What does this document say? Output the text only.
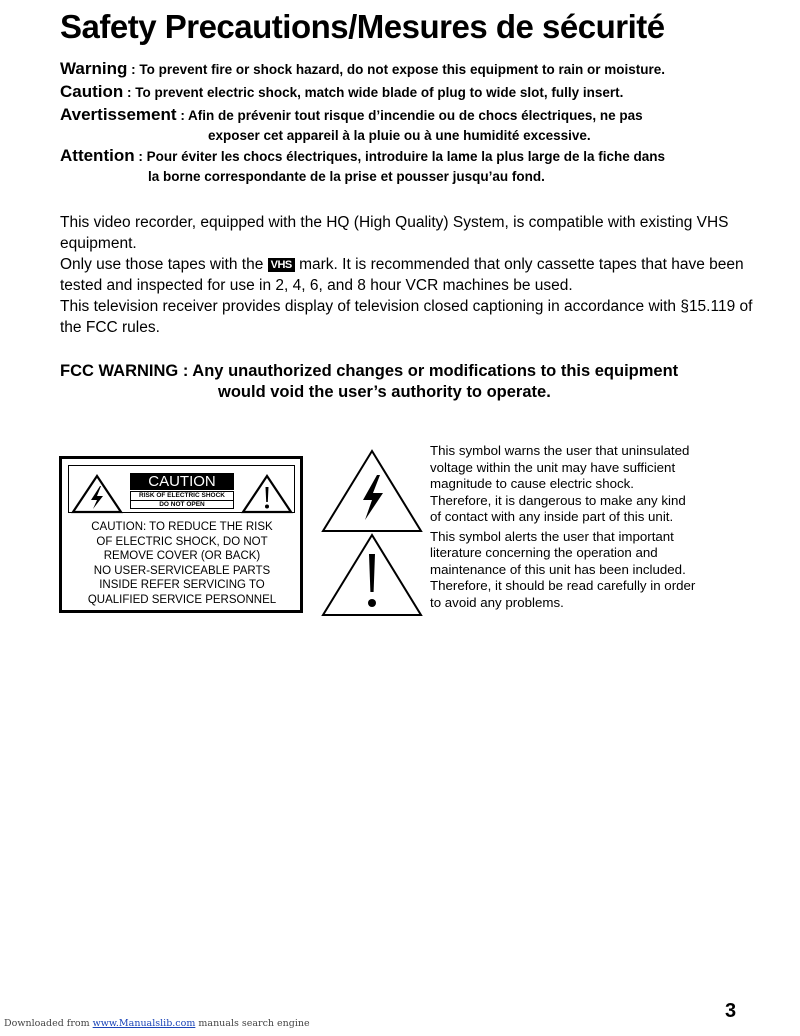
Safety Precautions/Mesures de sécurité
Warning : To prevent fire or shock hazard, do not expose this equipment to rain or moisture.
Caution : To prevent electric shock, match wide blade of plug to wide slot, fully insert.
Avertissement : Afin de prévenir tout risque d’incendie ou de chocs électriques, ne pas
exposer cet appareil à la pluie ou à une humidité excessive.
Attention : Pour éviter les chocs électriques, introduire la lame la plus large de la fiche dans
la borne correspondante de la prise et pousser jusqu’au fond.

This video recorder, equipped with the HQ (High Quality) System, is compatible with existing VHS equipment.

Only use those tapes with the VHS mark. It is recommended that only cassette tapes that have been tested and inspected for use in 2, 4, 6, and 8 hour VCR machines be used.

This television receiver provides display of television closed captioning in accordance with §15.119 of the FCC rules.

FCC WARNING : Any unauthorized changes or modifications to this equipment
would void the user’s authority to operate.
CAUTION
RISK OF ELECTRIC SHOCK
DO NOT OPEN
CAUTION: TO REDUCE THE RISK
OF ELECTRIC SHOCK, DO NOT
REMOVE COVER (OR BACK)
NO USER-SERVICEABLE PARTS
INSIDE REFER SERVICING TO
QUALIFIED SERVICE PERSONNEL

This symbol warns the user that uninsulated
voltage within the unit may have sufficient
magnitude to cause electric shock.
Therefore, it is dangerous to make any kind
of contact with any inside part of this unit.

This symbol alerts the user that important
literature concerning the operation and
maintenance of this unit has been included.
Therefore, it should be read carefully in order
to avoid any problems.

3
Downloaded from www.Manualslib.com manuals search engine
